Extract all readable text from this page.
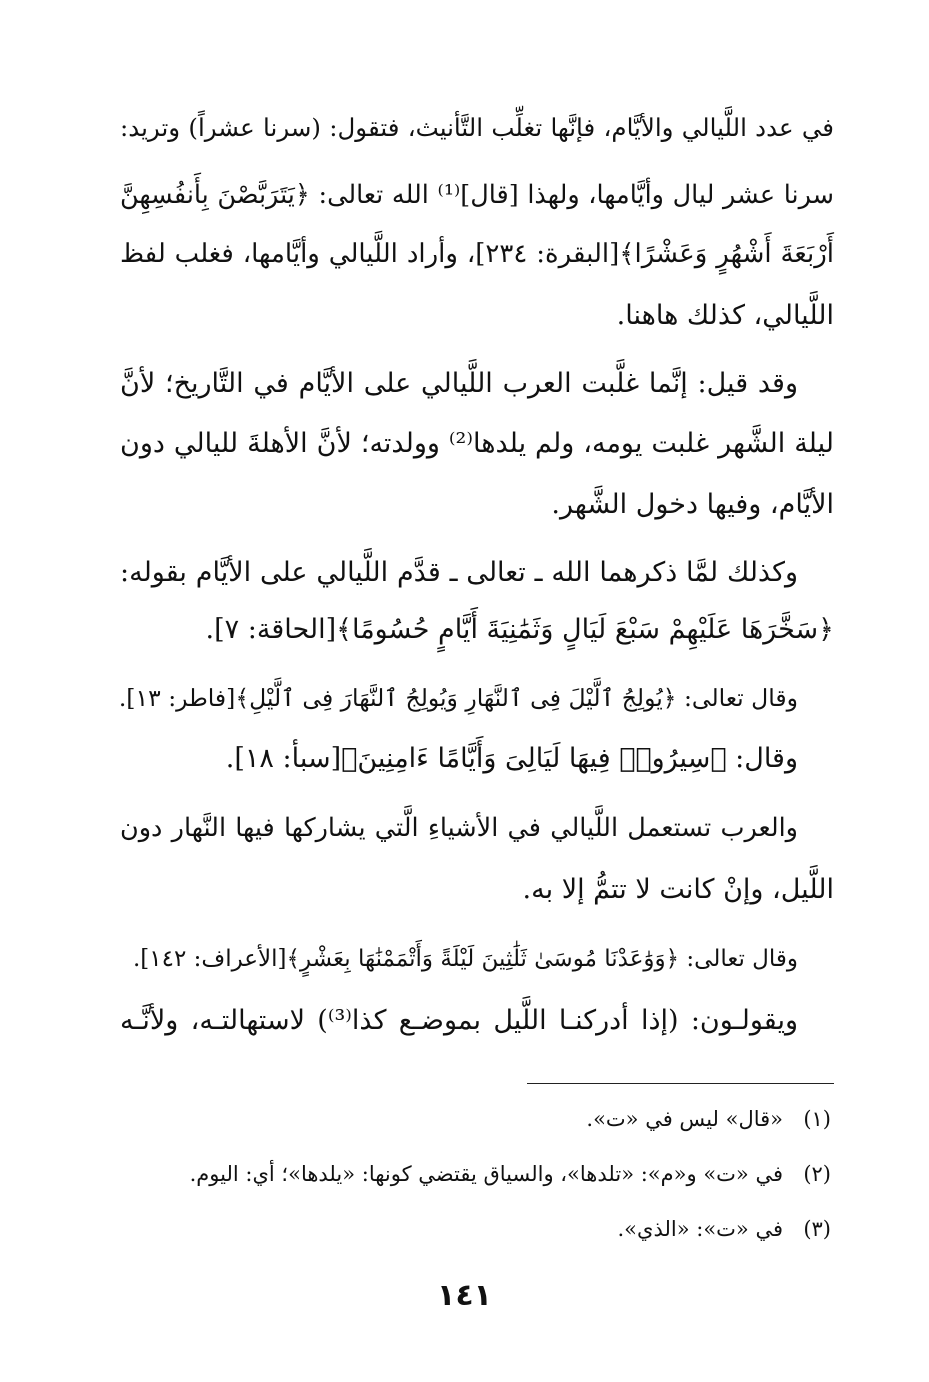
في عدد اللَّيالي والأيَّام، فإنَّها تغلِّب التَّأنيث، فتقول: (سرنا عشراً) وتريد:
سرنا عشر ليال وأيَّامها، ولهذا [قال]⁽¹⁾ الله تعالى: ﴿يَتَرَبَّصْنَ بِأَنفُسِهِنَّ
أَرْبَعَةَ أَشْهُرٍ وَعَشْرًا﴾[البقرة: ٢٣٤]، وأراد اللَّيالي وأيَّامها، فغلب لفظ
اللَّيالي، كذلك هاهنا.
وقد قيل: إنَّما غلَّبت العرب اللَّيالي على الأيَّام في التَّاريخ؛ لأنَّ
ليلة الشَّهر غلبت يومه، ولم يلدها⁽²⁾ وولدته؛ لأنَّ الأهلةَ لليالي دون
الأيَّام، وفيها دخول الشَّهر.
وكذلك لمَّا ذكرهما الله ـ تعالى ـ قدَّم اللَّيالي على الأيَّام بقوله:
﴿سَخَّرَهَا عَلَيْهِمْ سَبْعَ لَيَالٍ وَثَمَٰنِيَةَ أَيَّامٍ حُسُومًا﴾[الحاقة: ٧].
وقال تعالى: ﴿يُولِجُ ٱلَّيْلَ فِى ٱلنَّهَارِ وَيُولِجُ ٱلنَّهَارَ فِى ٱلَّيْلِ﴾[فاطر: ١٣].
وقال: ﴿سِيرُوا۟ فِيهَا لَيَالِىَ وَأَيَّامًا ءَامِنِينَ﴾[سبأ: ١٨].
والعرب تستعمل اللَّيالي في الأشياءِ الَّتي يشاركها فيها النَّهار دون
اللَّيل، وإنْ كانت لا تتمُّ إلا به.
وقال تعالى: ﴿وَوَٰعَدْنَا مُوسَىٰ ثَلَٰثِينَ لَيْلَةً وَأَتْمَمْنَٰهَا بِعَشْرٍ﴾[الأعراف: ١٤٢].
ويقولـون: (إذا أدركنـا اللَّيل بموضـع كذا⁽³⁾) لاستهالتـه، ولأنَّـه
(١)«قال» ليس في «ت».
(٢)في «ت» و«م»: «تلدها»، والسياق يقتضي كونها: «يلدها»؛ أي: اليوم.
(٣)في «ت»: «الذي».
١٤١
